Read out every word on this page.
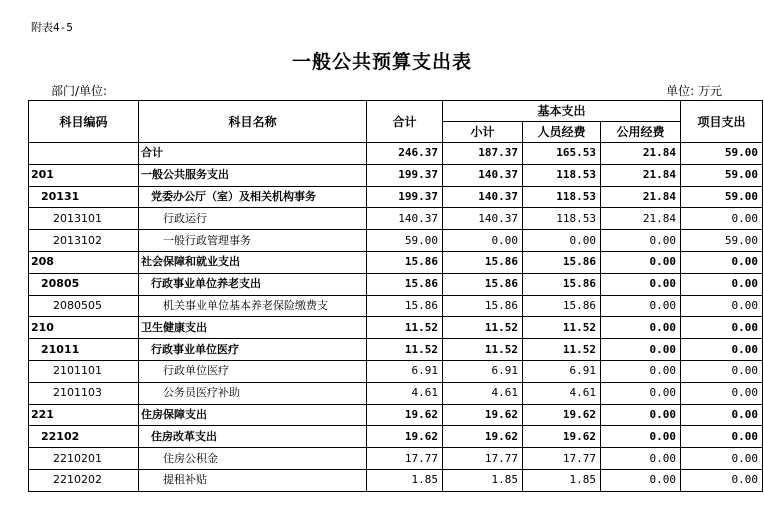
附表4-5
一般公共预算支出表
部门/单位:	单位: 万元
科目编码	科目名称	合计	基本支出			项目支出
			小计	人员经费	公用经费	
	合计	246.37	187.37	165.53	21.84	59.00
201	一般公共服务支出	199.37	140.37	118.53	21.84	59.00
20131	党委办公厅（室）及相关机构事务	199.37	140.37	118.53	21.84	59.00
2013101	行政运行	140.37	140.37	118.53	21.84	0.00
2013102	一般行政管理事务	59.00	0.00	0.00	0.00	59.00
208	社会保障和就业支出	15.86	15.86	15.86	0.00	0.00
20805	行政事业单位养老支出	15.86	15.86	15.86	0.00	0.00
2080505	机关事业单位基本养老保险缴费支	15.86	15.86	15.86	0.00	0.00
210	卫生健康支出	11.52	11.52	11.52	0.00	0.00
21011	行政事业单位医疗	11.52	11.52	11.52	0.00	0.00
2101101	行政单位医疗	6.91	6.91	6.91	0.00	0.00
2101103	公务员医疗补助	4.61	4.61	4.61	0.00	0.00
221	住房保障支出	19.62	19.62	19.62	0.00	0.00
22102	住房改革支出	19.62	19.62	19.62	0.00	0.00
2210201	住房公积金	17.77	17.77	17.77	0.00	0.00
2210202	提租补贴	1.85	1.85	1.85	0.00	0.00
